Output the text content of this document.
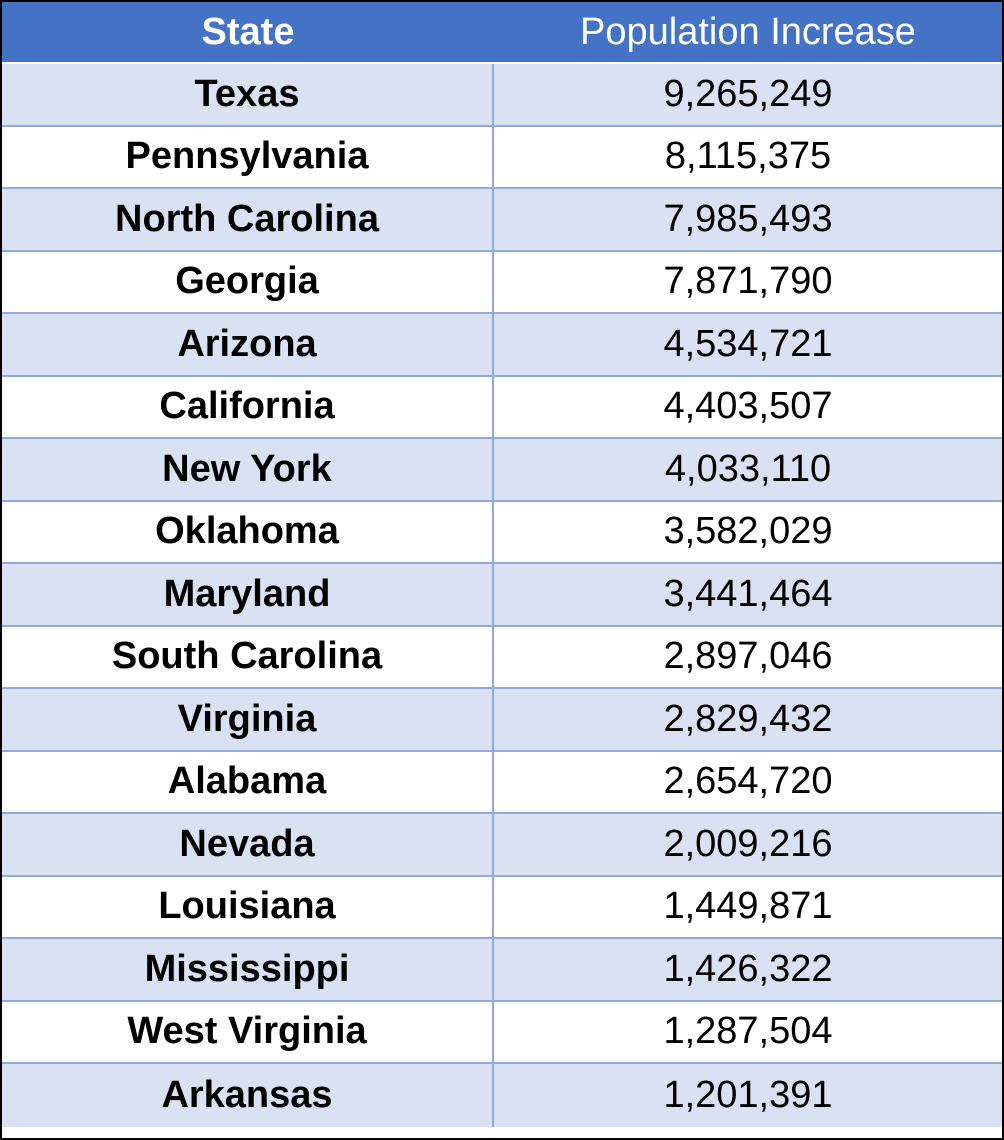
State	Population Increase
Texas	9,265,249
Pennsylvania	8,115,375
North Carolina	7,985,493
Georgia	7,871,790
Arizona	4,534,721
California	4,403,507
New York	4,033,110
Oklahoma	3,582,029
Maryland	3,441,464
South Carolina	2,897,046
Virginia	2,829,432
Alabama	2,654,720
Nevada	2,009,216
Louisiana	1,449,871
Mississippi	1,426,322
West Virginia	1,287,504
Arkansas	1,201,391
